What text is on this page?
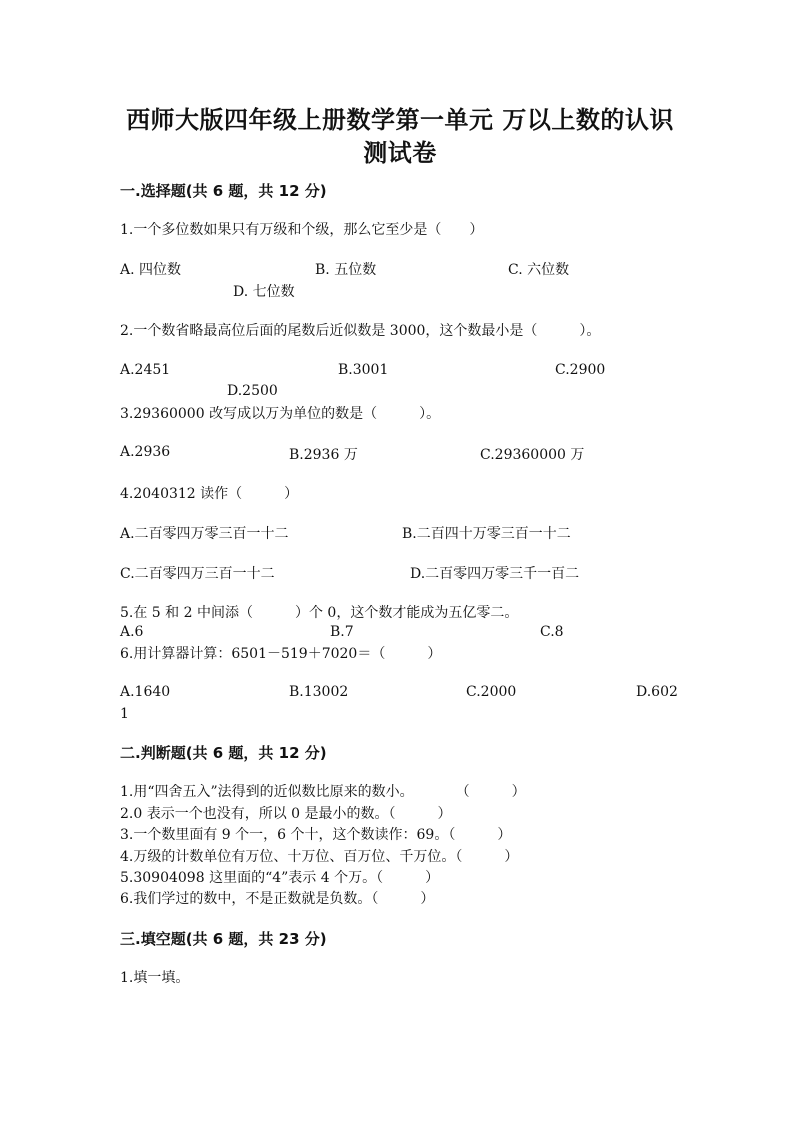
西师大版四年级上册数学第一单元 万以上数的认识
测试卷
一.选择题(共 6 题，共 12 分)
1.一个多位数如果只有万级和个级，那么它至少是（　　）
A. 四位数	B. 五位数	C. 六位数
D. 七位数
2.一个数省略最高位后面的尾数后近似数是 3000，这个数最小是（　　　）。
A.2451	B.3001	C.2900
D.2500
3.29360000 改写成以万为单位的数是（　　　）。
A.2936	B.2936 万	C.29360000 万
4.2040312 读作（　　　）
A.二百零四万零三百一十二	B.二百四十万零三百一十二
C.二百零四万三百一十二	D.二百零四万零三千一百二
5.在 5 和 2 中间添（　　　）个 0，这个数才能成为五亿零二。
A.6	B.7	C.8
6.用计算器计算：6501－519＋7020＝（　　　）
A.1640	B.13002	C.2000	D.602
1
二.判断题(共 6 题，共 12 分)
1.用“四舍五入”法得到的近似数比原来的数小。　　　　（　　　）
2.0 表示一个也没有，所以 0 是最小的数。（　　　）
3.一个数里面有 9 个一，6 个十，这个数读作：69。（　　　）
4.万级的计数单位有万位、十万位、百万位、千万位。（　　　）
5.30904098 这里面的“4”表示 4 个万。（　　　）
6.我们学过的数中，不是正数就是负数。（　　　）
三.填空题(共 6 题，共 23 分)
1.填一填。
